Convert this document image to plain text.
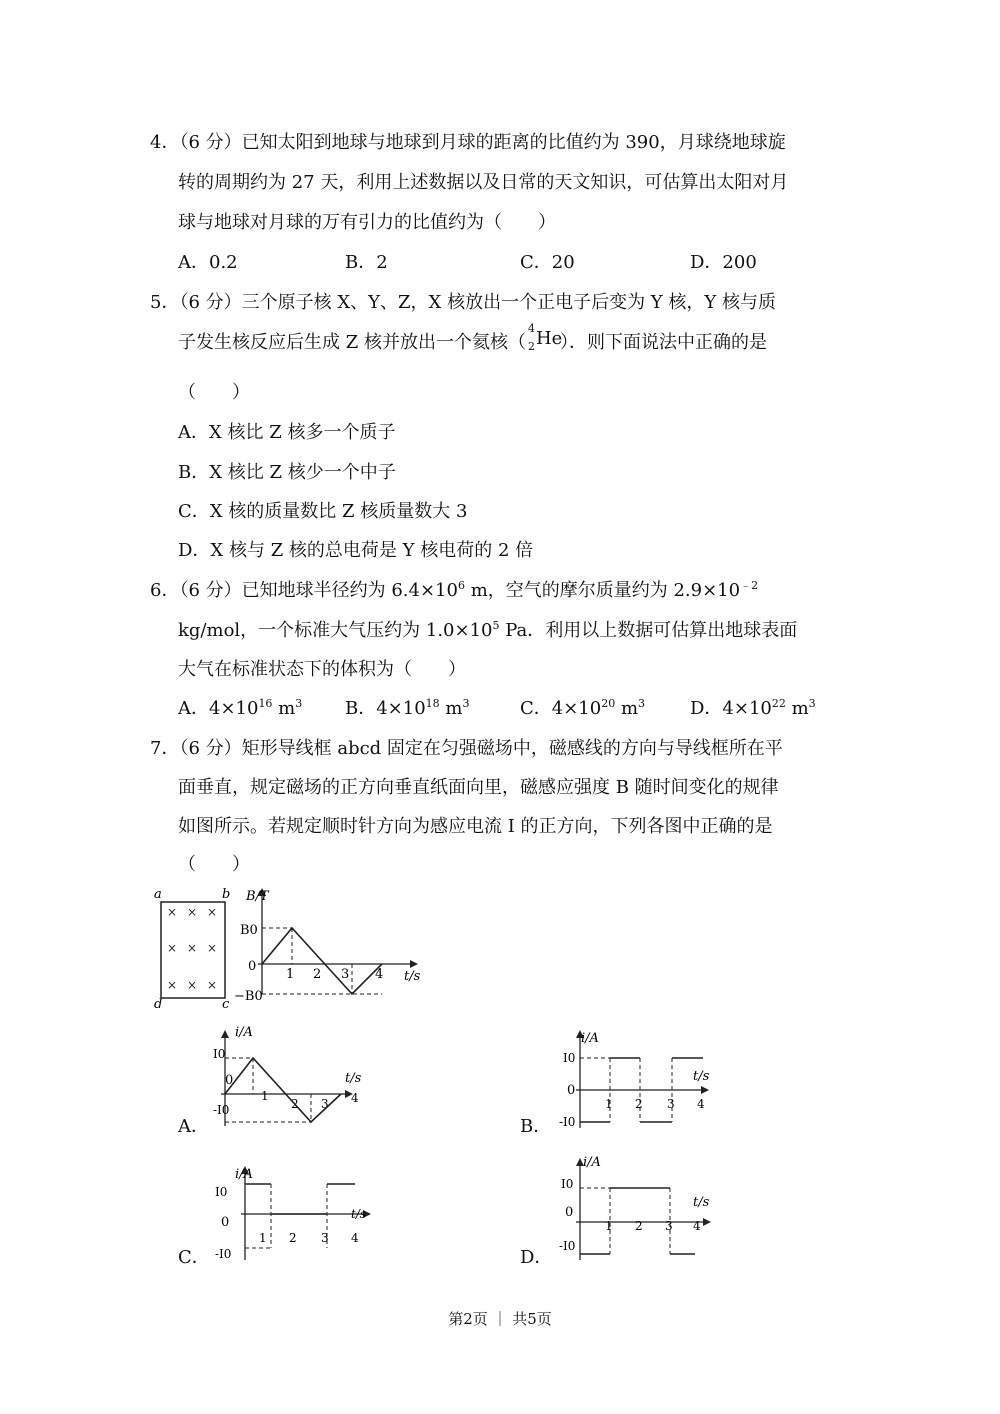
4．（6 分）已知太阳到地球与地球到月球的距离的比值约为 390，月球绕地球旋
转的周期约为 27 天，利用上述数据以及日常的天文知识，可估算出太阳对月
球与地球对月球的万有引力的比值约为（　　）
A．0.2	B．2	C．20	D．200
5．（6 分）三个原子核 X、Y、Z，X 核放出一个正电子后变为 Y 核，Y 核与质
子发生核反应后生成 Z 核并放出一个氦核（
4
2 He
）．则下面说法中正确的是
（　　）
A．X 核比 Z 核多一个质子
B．X 核比 Z 核少一个中子
C．X 核的质量数比 Z 核质量数大 3
D．X 核与 Z 核的总电荷是 Y 核电荷的 2 倍
6．（6 分）已知地球半径约为 $6.4\times 10^6$ m，空气的摩尔质量约为 $2.9\times 10^{﹣2}$
kg/mol，一个标准大气压约为 $1.0\times 10^5$ Pa．利用以上数据可估算出地球表面
大气在标准状态下的体积为（　　）
A．$4\times 10^{16}$ $m^3$ B．$4\times 10^{18}$ $m^3$	C．$4\times 10^{20}$ $m^3$ D．$4\times 10^{22}$ $m^3$
7．（6 分）矩形导线框 abcd 固定在匀强磁场中，磁感线的方向与导线框所在平
面垂直，规定磁场的正方向垂直纸面向里，磁感应强度 B 随时间变化的规律
如图所示。若规定顺时针方向为感应电流 I 的正方向，下列各图中正确的是
（　　）
a	b
d	c
× × ×
× × ×
× × ×
B/T
t/s
B0
−B0
0
1 2 3 4
A．
i/A
t/s
I0
-I0
0
1
2 3 4
B．
i/A
t/s
I0
-I0
0
1 2 3 4
C．
i/A
t/s
I0
-I0
0
1 2 3 4
D．
i/A
t/s
I0
-I0
0
1 2 3 4
第2页 ｜ 共5页
